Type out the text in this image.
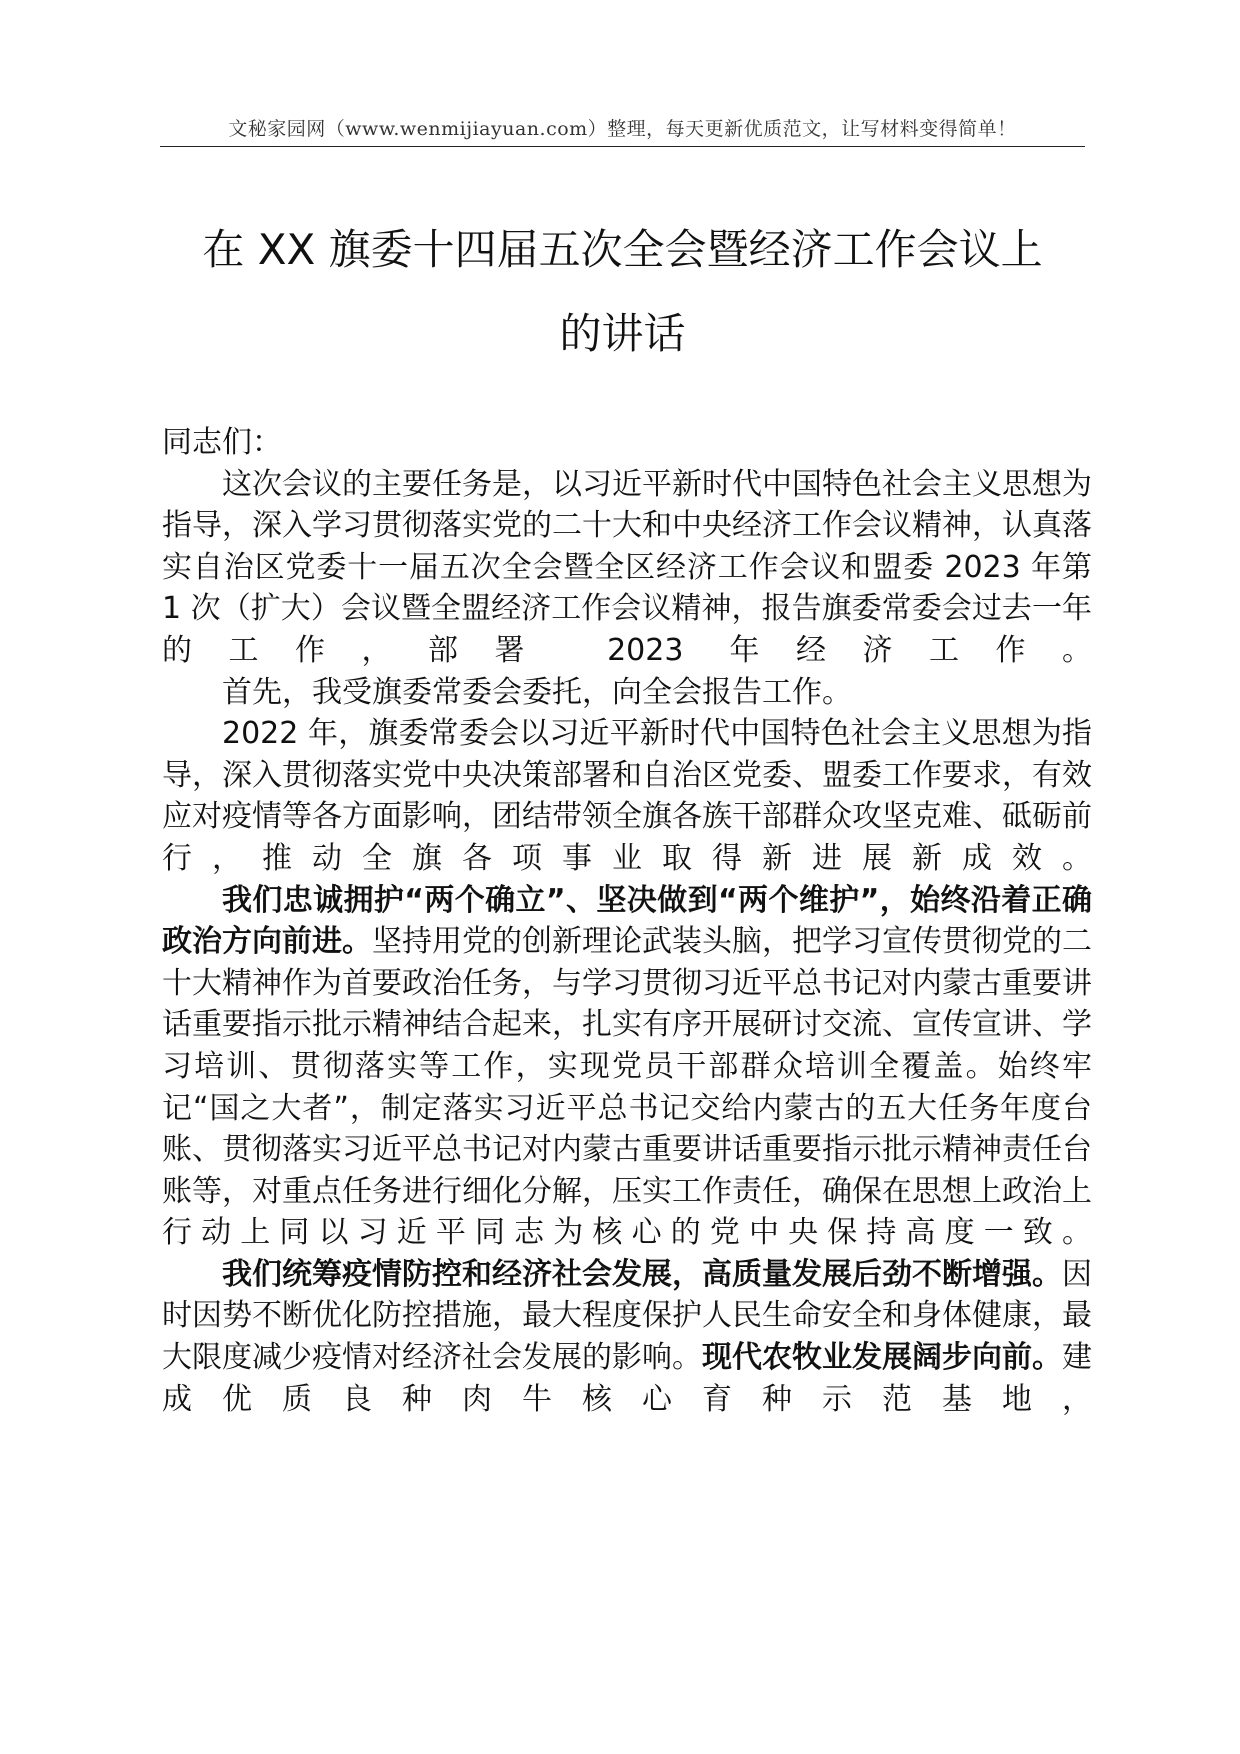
文秘家园网（www.wenmijiayuan.com）整理，每天更新优质范文，让写材料变得简单！
在 XX 旗委十四届五次全会暨经济工作会议上
的讲话

同志们：

这次会议的主要任务是，以习近平新时代中国特色社会主义思想为指导，深入学习贯彻落实党的二十大和中央经济工作会议精神，认真落实自治区党委十一届五次全会暨全区经济工作会议和盟委 2023 年第 1 次（扩大）会议暨全盟经济工作会议精神，报告旗委常委会过去一年的工作，部署 2023 年经济工作。

首先，我受旗委常委会委托，向全会报告工作。

2022 年，旗委常委会以习近平新时代中国特色社会主义思想为指导，深入贯彻落实党中央决策部署和自治区党委、盟委工作要求，有效应对疫情等各方面影响，团结带领全旗各族干部群众攻坚克难、砥砺前行，推动全旗各项事业取得新进展新成效。

我们忠诚拥护“两个确立”、坚决做到“两个维护”，始终沿着正确政治方向前进。坚持用党的创新理论武装头脑，把学习宣传贯彻党的二十大精神作为首要政治任务，与学习贯彻习近平总书记对内蒙古重要讲话重要指示批示精神结合起来，扎实有序开展研讨交流、宣传宣讲、学习培训、贯彻落实等工作，实现党员干部群众培训全覆盖。始终牢记“国之大者”，制定落实习近平总书记交给内蒙古的五大任务年度台账、贯彻落实习近平总书记对内蒙古重要讲话重要指示批示精神责任台账等，对重点任务进行细化分解，压实工作责任，确保在思想上政治上行动上同以习近平同志为核心的党中央保持高度一致。

我们统筹疫情防控和经济社会发展，高质量发展后劲不断增强。因时因势不断优化防控措施，最大程度保护人民生命安全和身体健康，最大限度减少疫情对经济社会发展的影响。现代农牧业发展阔步向前。建成优质良种肉牛核心育种示范基地，
